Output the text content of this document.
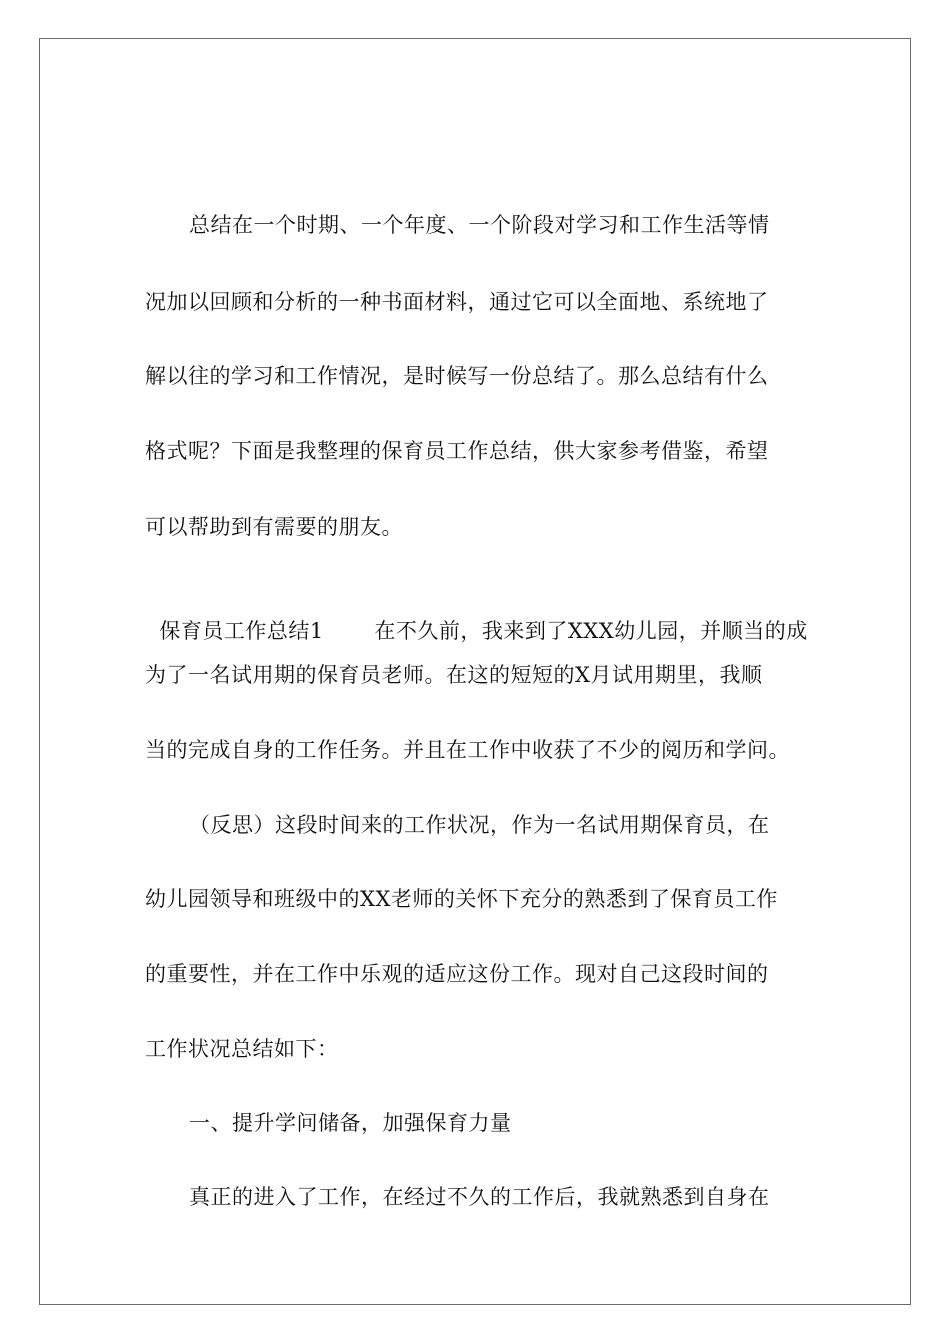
总结在一个时期、一个年度、一个阶段对学习和工作生活等情
况加以回顾和分析的一种书面材料，通过它可以全面地、系统地了
解以往的学习和工作情况，是时候写一份总结了。那么总结有什么
格式呢？下面是我整理的保育员工作总结，供大家参考借鉴，希望
可以帮助到有需要的朋友。

保育员工作总结1 在不久前，我来到了XXX幼儿园，并顺当的成

为了一名试用期的保育员老师。在这的短短的X月试用期里，我顺
当的完成自身的工作任务。并且在工作中收获了不少的阅历和学问。
（反思）这段时间来的工作状况，作为一名试用期保育员，在
幼儿园领导和班级中的XX老师的关怀下充分的熟悉到了保育员工作
的重要性，并在工作中乐观的适应这份工作。现对自己这段时间的
工作状况总结如下：
一、提升学问储备，加强保育力量
真正的进入了工作，在经过不久的工作后，我就熟悉到自身在
